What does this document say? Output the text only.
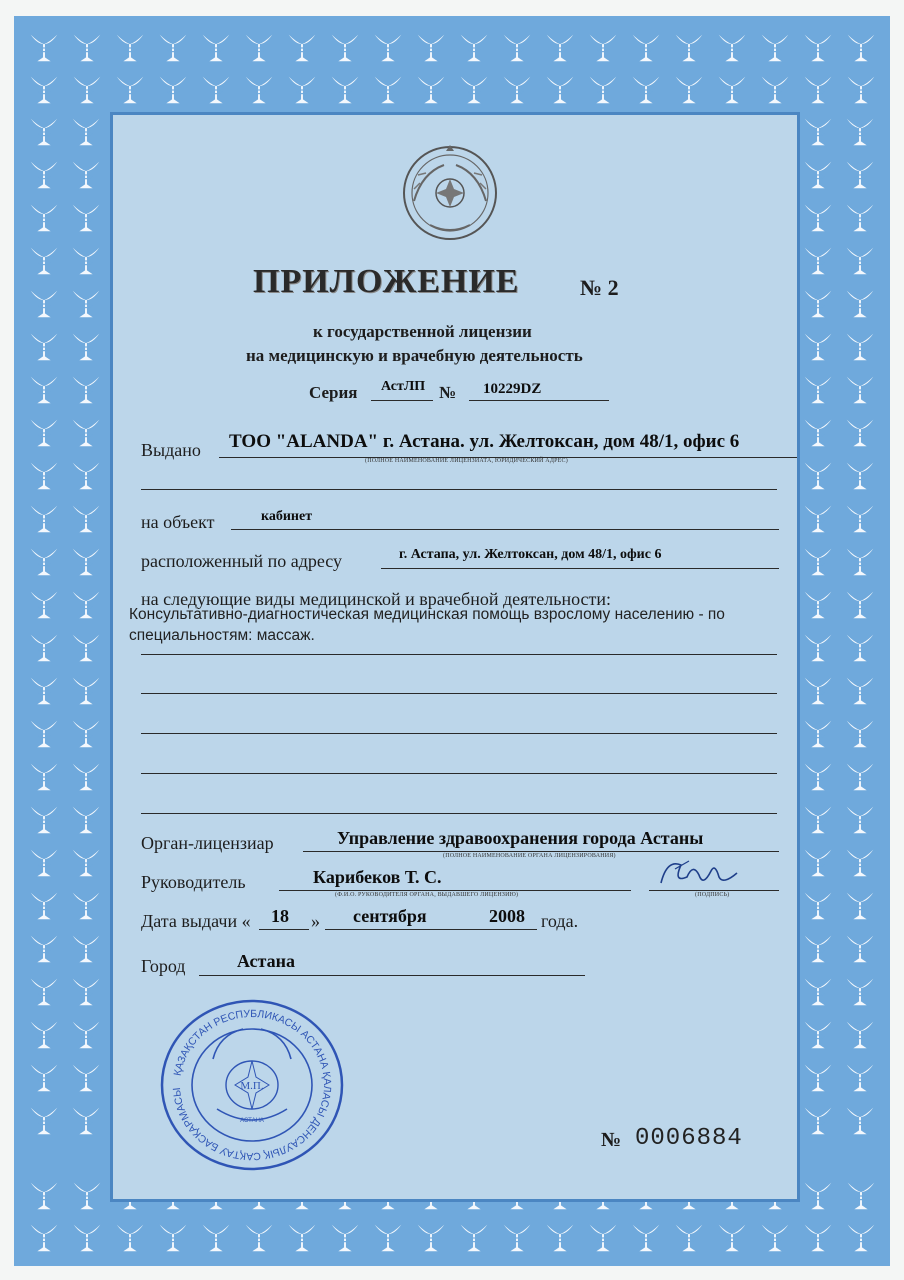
ПРИЛОЖЕНИЕ	№ 2
к государственной лицензии
на медицинскую и врачебную деятельность
Серия АстЛП № 10229DZ
Выдано ТОО "ALANDA" г. Астана. ул. Желтоксан, дом 48/1, офис 6
(ПОЛНОЕ НАИМЕНОВАНИЕ ЛИЦЕНЗИАТА, ЮРИДИЧЕСКИЙ АДРЕС)
на объект	кабинет
расположенный по адресу	г. Астапа, ул. Желтоксан, дом 48/1, офис 6
на следующие виды медицинской и врачебной деятельности:
Консультативно-диагностическая медицинская помощь взрослому населению - по
специальностям: массаж.
Орган-лицензиар	Управление здравоохранения города Астаны
(ПОЛНОЕ НАИМЕНОВАНИЕ ОРГАНА ЛИЦЕНЗИРОВАНИЯ)
Руководитель	Карибеков Т. С.
(Ф.И.О. РУКОВОДИТЕЛЯ ОРГАНА, ВЫДАВШЕГО ЛИЦЕНЗИЮ)	(ПОДПИСЬ)
Дата выдачи « 18 » сентября	2008 года.
Город	Астана
ҚАЗАҚСТАН РЕСПУБЛИКАСЫ АСТАНА ҚАЛАСЫ ДЕНСАУЛЫҚ САҚТАУ БАСҚАРМАСЫ
М.П.
АСТАНА
№ 0006884
